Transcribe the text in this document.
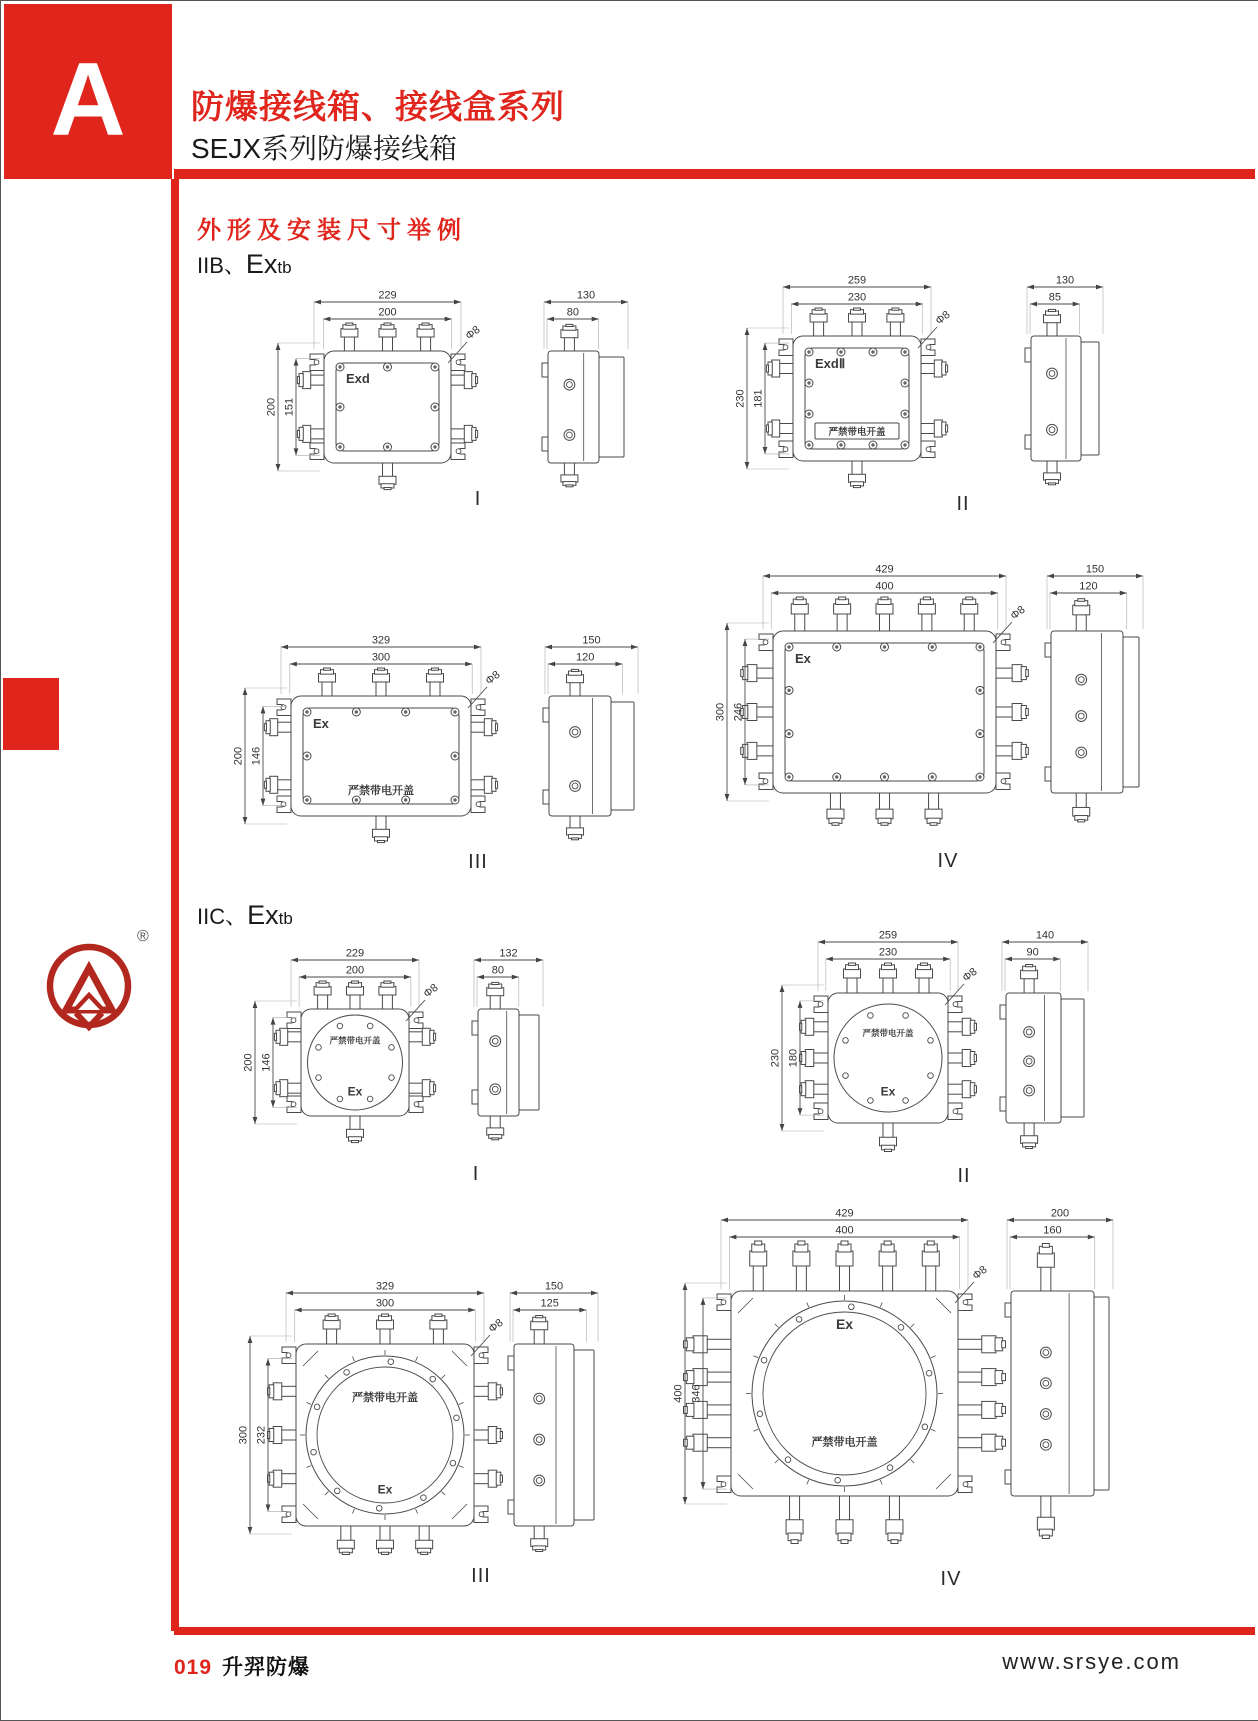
A 防爆接线箱、接线盒系列
SEJX系列防爆接线箱
®
外形及安装尺寸举例
IIB、Extb
IIC、Extb
Exd
229
200
200 151
130
80
Φ8
ExdⅡ
严禁带电开盖
259
230
230 181
130
85
Φ8
Ex
严禁带电开盖
329
300
200 146
150
120
Φ8
Ex
429
400
300 246
150
120
Φ8
Ex
严禁带电开盖
229
200
200 146
132
80
Φ8
Ex
严禁带电开盖
259
230
230 180
140
90
Φ8
Ex
严禁带电开盖
329
300
300 232
150
125
Φ8	Ex
严禁带电开盖
429
400
400 346
200
160
Φ8
I	II
III	IV
I	II
III	IV
019 升羿防爆	www.srsye.com
